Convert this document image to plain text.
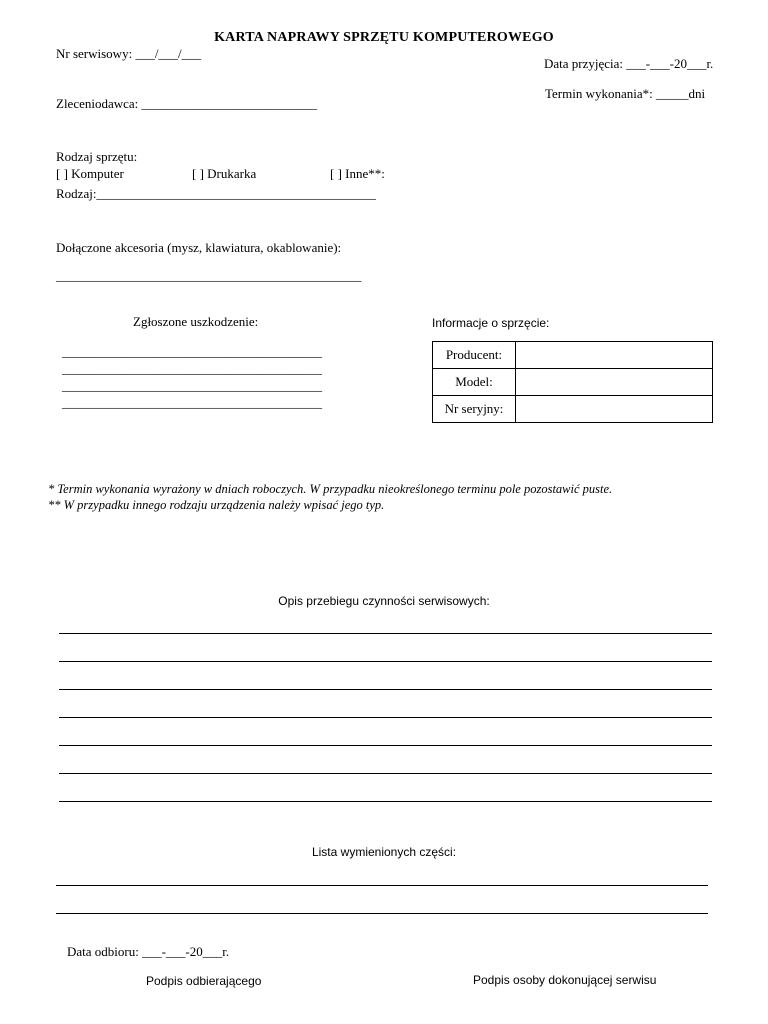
KARTA NAPRAWY SPRZĘTU KOMPUTEROWEGO
Nr serwisowy: ___/___/___
Data przyjęcia: ___-___-20___r.
Termin wykonania*: _____dni
Zleceniodawca: ___________________________
Rodzaj sprzętu:
[ ] Komputer	[ ] Drukarka	[ ] Inne**:
Rodzaj:___________________________________________
Dołączone akcesoria (mysz, klawiatura, okablowanie):
_______________________________________________
Zgłoszone uszkodzenie:
________________________________________
________________________________________
________________________________________
________________________________________
Informacje o sprzęcie:
Producent:	
Model:	
Nr seryjny:	
* Termin wykonania wyrażony w dniach roboczych. W przypadku nieokreślonego terminu pole pozostawić puste.
** W przypadku innego rodzaju urządzenia należy wpisać jego typ.
Opis przebiegu czynności serwisowych:
Lista wymienionych części:
Data odbioru: ___-___-20___r.
Podpis odbierającego	Podpis osoby dokonującej serwisu
